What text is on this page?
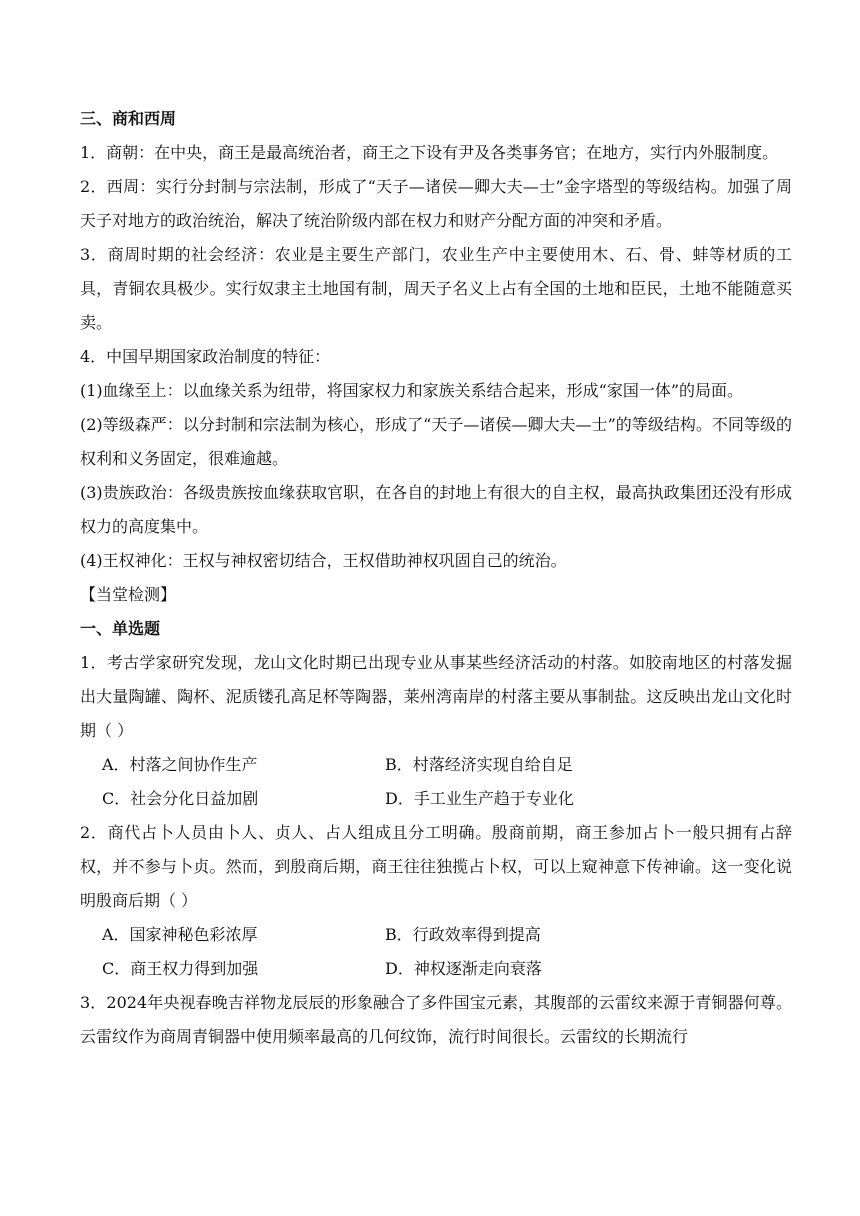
三、商和西周

1．商朝：在中央，商王是最高统治者，商王之下设有尹及各类事务官；在地方，实行内外服制度。

2．西周：实行分封制与宗法制，形成了“天子—诸侯—卿大夫—士”金字塔型的等级结构。加强了周天子对地方的政治统治，解决了统治阶级内部在权力和财产分配方面的冲突和矛盾。

3．商周时期的社会经济：农业是主要生产部门，农业生产中主要使用木、石、骨、蚌等材质的工具，青铜农具极少。实行奴隶主土地国有制，周天子名义上占有全国的土地和臣民，土地不能随意买卖。

4．中国早期国家政治制度的特征：

(1)血缘至上：以血缘关系为纽带，将国家权力和家族关系结合起来，形成“家国一体”的局面。

(2)等级森严：以分封制和宗法制为核心，形成了“天子—诸侯—卿大夫—士”的等级结构。不同等级的权利和义务固定，很难逾越。

(3)贵族政治：各级贵族按血缘获取官职，在各自的封地上有很大的自主权，最高执政集团还没有形成权力的高度集中。

(4)王权神化：王权与神权密切结合，王权借助神权巩固自己的统治。

【当堂检测】

一、单选题

1．考古学家研究发现，龙山文化时期已出现专业从事某些经济活动的村落。如胶南地区的村落发掘出大量陶罐、陶杯、泥质镂孔高足杯等陶器，莱州湾南岸的村落主要从事制盐。这反映出龙山文化时期（ ）

A．村落之间协作生产	B．村落经济实现自给自足
C．社会分化日益加剧	D．手工业生产趋于专业化

2．商代占卜人员由卜人、贞人、占人组成且分工明确。殷商前期，商王参加占卜一般只拥有占辞权，并不参与卜贞。然而，到殷商后期，商王往往独揽占卜权，可以上窥神意下传神谕。这一变化说明殷商后期（ ）

A．国家神秘色彩浓厚	B．行政效率得到提高
C．商王权力得到加强	D．神权逐渐走向衰落

3．2024年央视春晚吉祥物龙辰辰的形象融合了多件国宝元素，其腹部的云雷纹来源于青铜器何尊。云雷纹作为商周青铜器中使用频率最高的几何纹饰，流行时间很长。云雷纹的长期流行
